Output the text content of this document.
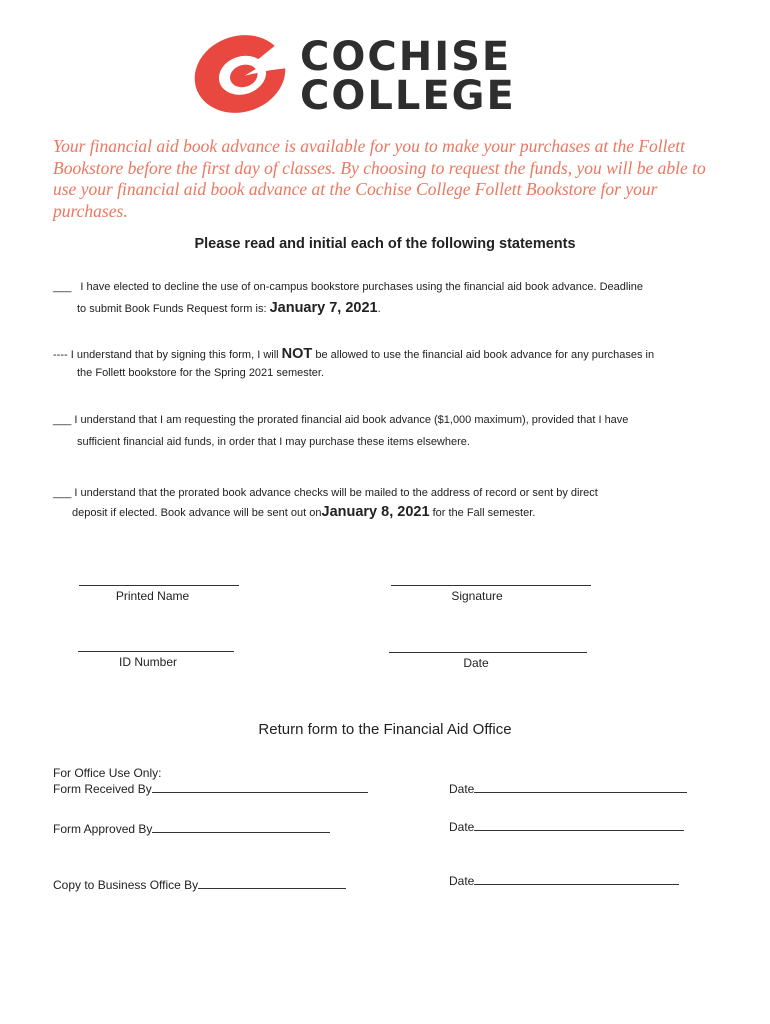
COCHISE
COLLEGE
Your financial aid book advance is available for you to make your purchases at the Follett Bookstore before the first day of classes. By choosing to request the funds, you will be able to use your financial aid book advance at the Cochise College Follett Bookstore for your purchases.
Please read and initial each of the following statements
___ I have elected to decline the use of on-campus bookstore purchases using the financial aid book advance. Deadline
to submit Book Funds Request form is: January 7, 2021.
---- I understand that by signing this form, I will NOT be allowed to use the financial aid book advance for any purchases in
the Follett bookstore for the Spring 2021 semester.
___ I understand that I am requesting the prorated financial aid book advance ($1,000 maximum), provided that I have
sufficient financial aid funds, in order that I may purchase these items elsewhere.
___ I understand that the prorated book advance checks will be mailed to the address of record or sent by direct
deposit if elected. Book advance will be sent out onJanuary 8, 2021 for the Fall semester.
Printed Name	Signature
ID Number	Date
Return form to the Financial Aid Office
For Office Use Only:
Form Received By	Date
Form Approved By	Date
Copy to Business Office By	Date
